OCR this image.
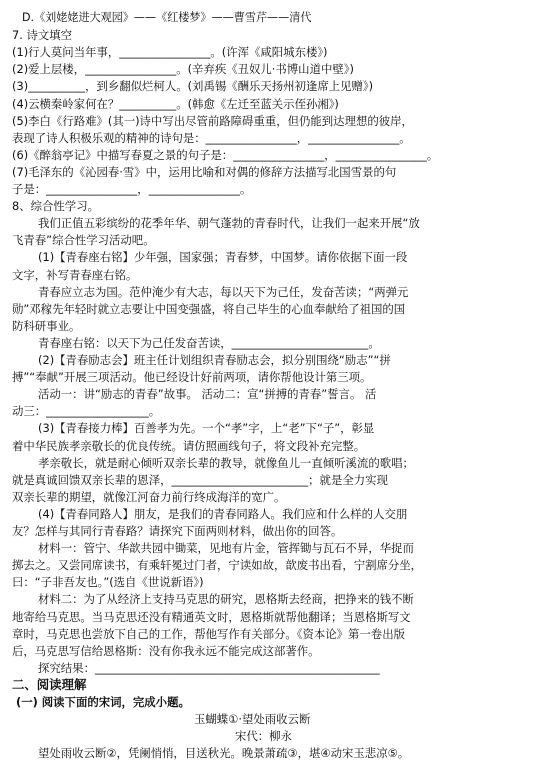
D.《刘姥姥进大观园》——《红楼梦》——曹雪芹——清代
7. 诗文填空
(1)行人莫问当年事，________________。(许浑《咸阳城东楼》)
(2)爱上层楼，________________。(辛弃疾《丑奴儿·书博山道中壁》)
(3)__________，到乡翻似烂柯人。(刘禹锡《酬乐天扬州初逢席上见赠》)
(4)云横秦岭家何在？__________。(韩愈《左迁至蓝关示侄孙湘》)
(5)李白《行路难》(其一)诗中写出尽管前路障碍重重，但仍能到达理想的彼岸，
表现了诗人积极乐观的精神的诗句是：________________，________________。
(6)《醉翁亭记》中描写春夏之景的句子是：________________，________________。
(7)毛泽东的《沁园春·雪》中，运用比喻和对偶的修辞方法描写北国雪景的句
子是：________________，________________。
8、综合性学习。
我们正值五彩缤纷的花季年华、朝气蓬勃的青春时代，让我们一起来开展“放
飞青春”综合性学习活动吧。
(1)【青春座右铭】少年强，国家强；青春梦，中国梦。请你依据下面一段
文字，补写青春座右铭。
青春应立志为国。范仲淹少有大志，每以天下为己任，发奋苦读；“两弹元
勋”邓稼先年轻时就立志要让中国变强盛，将自己毕生的心血奉献给了祖国的国
防科研事业。
青春座右铭：以天下为己任发奋苦读，________________________。
(2)【青春励志会】班主任计划组织青春励志会，拟分别围绕“励志”“拼
搏”“奉献”开展三项活动。他已经设计好前两项，请你帮他设计第三项。
活动一：讲“励志的青春”故事。 活动二：宣“拼搏的青春”誓言。 活
动三：__________________。
(3)【青春接力棒】百善孝为先。一个“孝”字，上“老”下“子”，彰显
着中华民族孝亲敬长的优良传统。请仿照画线句子，将文段补充完整。
孝亲敬长，就是耐心倾听双亲长辈的教导，就像鱼儿一直倾听溪流的歌唱；
就是真诚回馈双亲长辈的恩泽，________________________；就是全力实现
双亲长辈的期望，就像江河奋力前行终成海洋的宽广。
(4)【青春同路人】朋友，是我们的青春同路人。我们应和什么样的人交朋
友？怎样与其同行青春路？请探究下面两则材料，做出你的回答。
材料一：管宁、华歆共园中锄菜，见地有片金，管挥锄与瓦石不异，华捉而
掷去之。又尝同席读书，有乘轩冕过门者，宁读如故，歆废书出看，宁割席分坐，
曰：“子非吾友也。”(选自《世说新语》)
材料二：为了从经济上支持马克思的研究，恩格斯去经商，把挣来的钱不断
地寄给马克思。当马克思还没有精通英文时，恩格斯就帮他翻译；当恩格斯写文
章时，马克思也尝放下自己的工作，帮他写作有关部分。《资本论》第一卷出版
后，马克思写信给恩格斯：没有你我永远不能完成这部著作。
探究结果：__________________________________________________
二、阅读理解
(一) 阅读下面的宋词，完成小题。
玉蝴蝶①·望处雨收云断
宋代：柳永
望处雨收云断②，凭阑悄悄，目送秋光。晚景萧疏③，堪④动宋玉悲凉⑤。
